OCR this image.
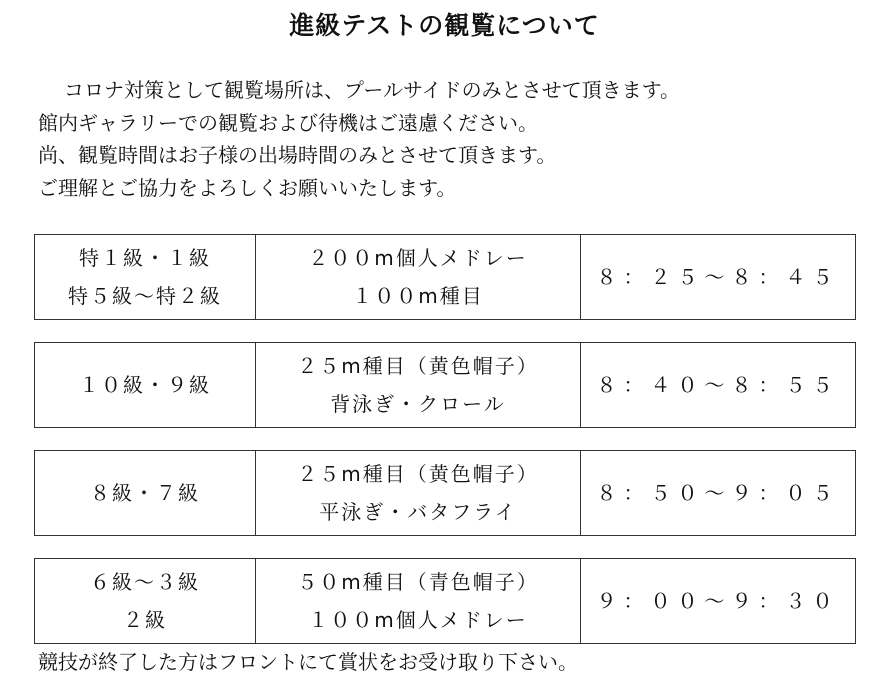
進級テストの観覧について
コロナ対策として観覧場所は、プールサイドのみとさせて頂きます。
館内ギャラリーでの観覧および待機はご遠慮ください。
尚、観覧時間はお子様の出場時間のみとさせて頂きます。
ご理解とご協力をよろしくお願いいたします。
特１級・１級
特５級～特２級
２００m個人メドレー
１００m種目
８：２５～８：４５
１０級・９級
２５m種目（黄色帽子）
背泳ぎ・クロール
８：４０～８：５５
８級・７級
２５m種目（黄色帽子）
平泳ぎ・バタフライ
８：５０～９：０５
６級～３級
２級
５０m種目（青色帽子）
１００m個人メドレー
９：００～９：３０
競技が終了した方はフロントにて賞状をお受け取り下さい。
